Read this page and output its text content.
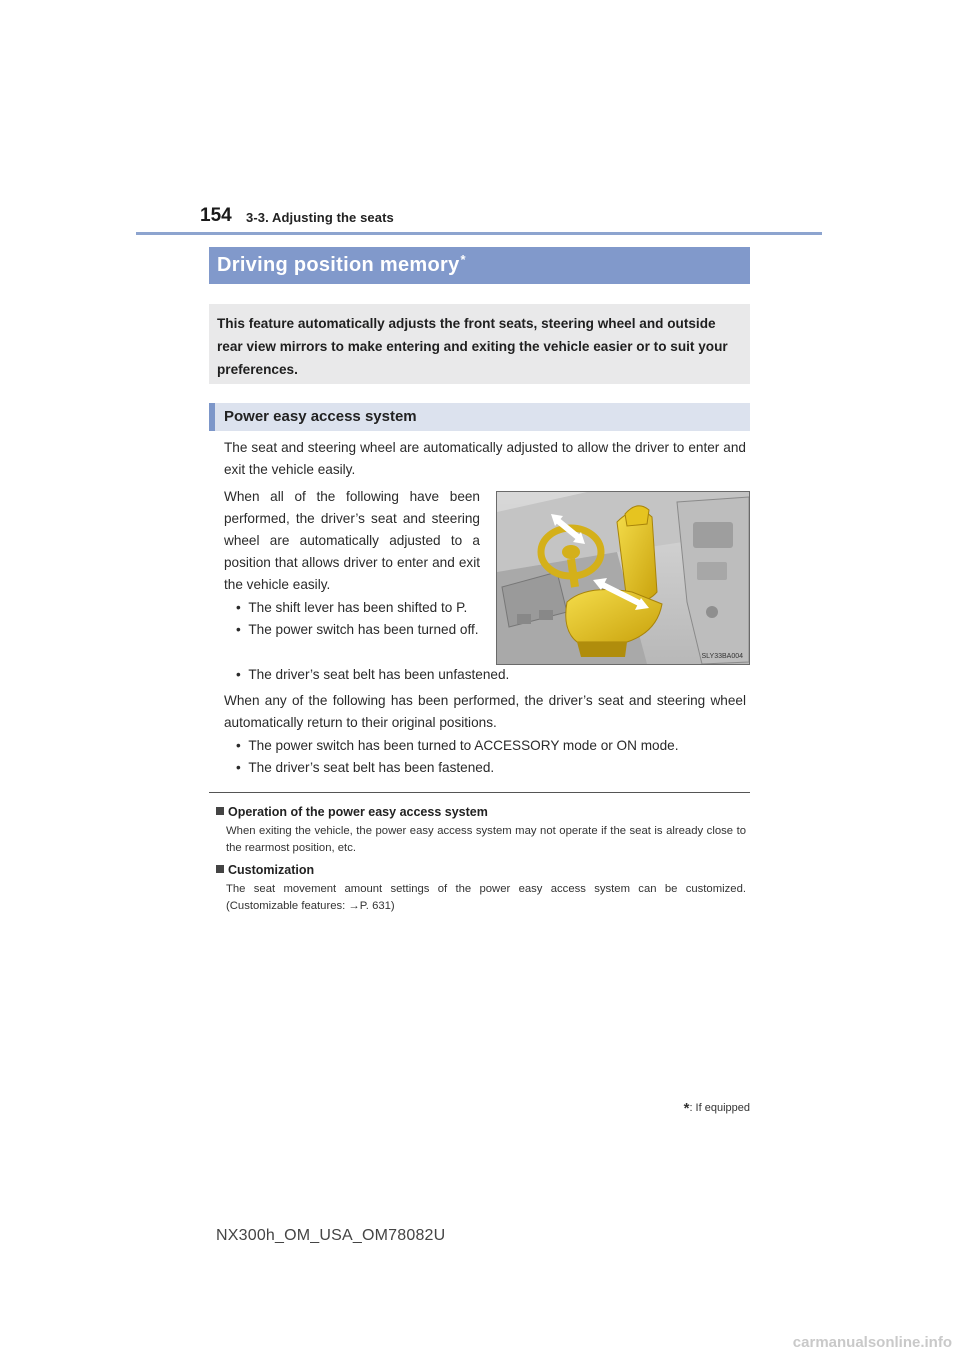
154 3-3. Adjusting the seats
Driving position memory*
This feature automatically adjusts the front seats, steering wheel and outside rear view mirrors to make entering and exiting the vehicle easier or to suit your preferences.
Power easy access system
The seat and steering wheel are automatically adjusted to allow the driver to enter and exit the vehicle easily.
When all of the following have been performed, the driver’s seat and steering wheel are automatically adjusted to a position that allows driver to enter and exit the vehicle easily.
•  The shift lever has been shifted to P.
•  The power switch has been turned off.
•  The driver’s seat belt has been unfastened.
When any of the following has been performed, the driver’s seat and steering wheel automatically return to their original positions.
•  The power switch has been turned to ACCESSORY mode or ON mode.
•  The driver’s seat belt has been fastened.
SLY33BA004
Operation of the power easy access system
When exiting the vehicle, the power easy access system may not operate if the seat is already close to the rearmost position, etc.
Customization
The seat movement amount settings of the power easy access system can be customized. (Customizable features: →P. 631)
*: If equipped
NX300h_OM_USA_OM78082U
carmanualsonline.info
